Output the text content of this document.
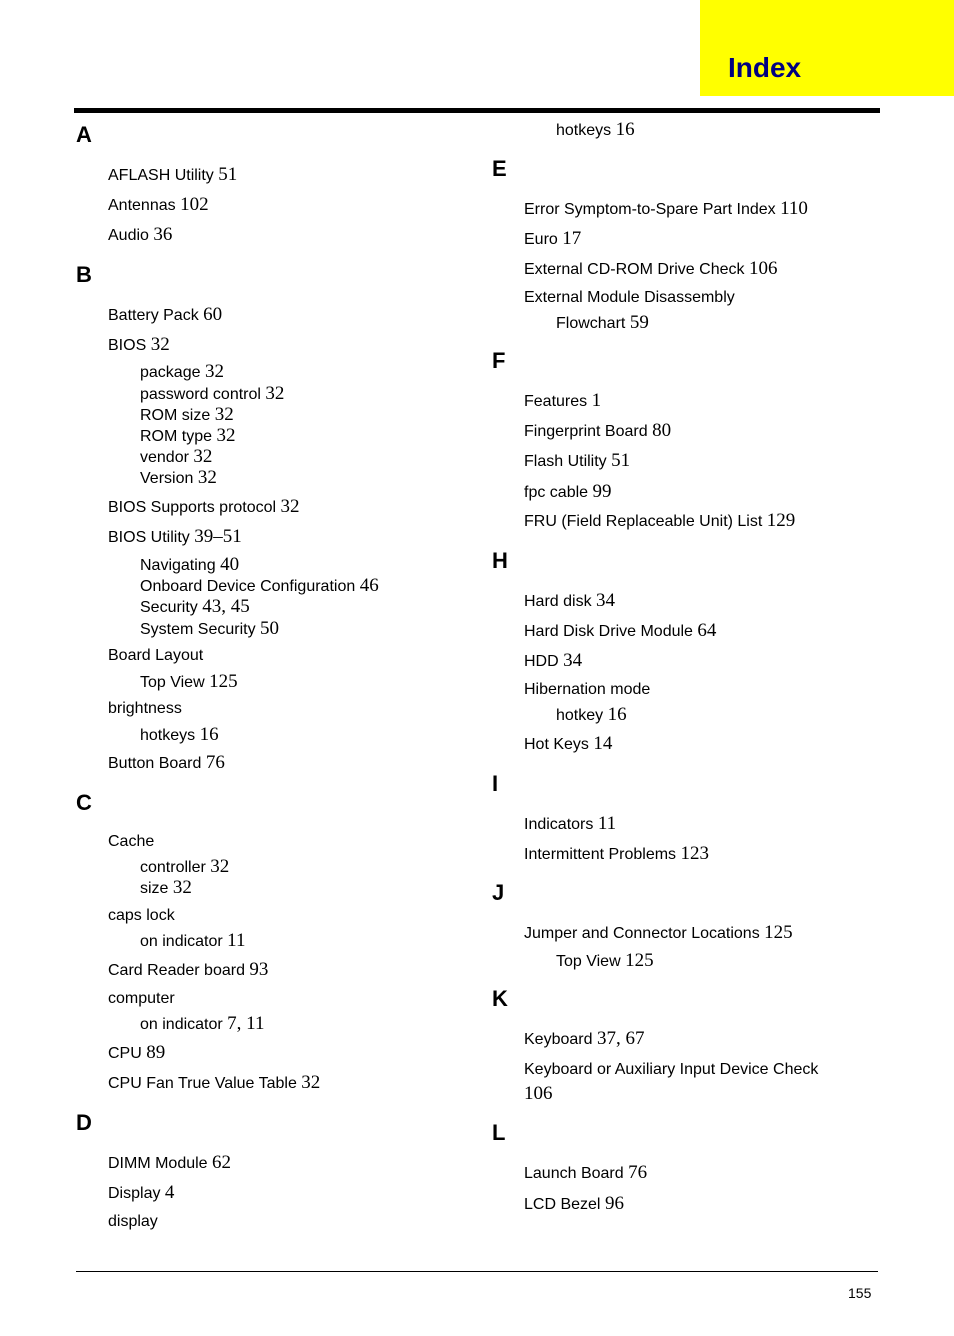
Index
A
AFLASH Utility 51
Antennas 102
Audio 36
B
Battery Pack 60
BIOS 32
package 32
password control 32
ROM size 32
ROM type 32
vendor 32
Version 32
BIOS Supports protocol 32
BIOS Utility 39–51
Navigating 40
Onboard Device Configuration 46
Security 43, 45
System Security 50
Board Layout
Top View 125
brightness
hotkeys 16
Button Board 76
C
Cache
controller 32
size 32
caps lock
on indicator 11
Card Reader board 93
computer
on indicator 7, 11
CPU 89
CPU Fan True Value Table 32
D
DIMM Module 62
Display 4
display
hotkeys 16
E
Error Symptom-to-Spare Part Index 110
Euro 17
External CD-ROM Drive Check 106
External Module Disassembly
Flowchart 59
F
Features 1
Fingerprint Board 80
Flash Utility 51
fpc cable 99
FRU (Field Replaceable Unit) List 129
H
Hard disk 34
Hard Disk Drive Module 64
HDD 34
Hibernation mode
hotkey 16
Hot Keys 14
I
Indicators 11
Intermittent Problems 123
J
Jumper and Connector Locations 125
Top View 125
K
Keyboard 37, 67
Keyboard or Auxiliary Input Device Check
106
L
Launch Board 76
LCD Bezel 96
155
